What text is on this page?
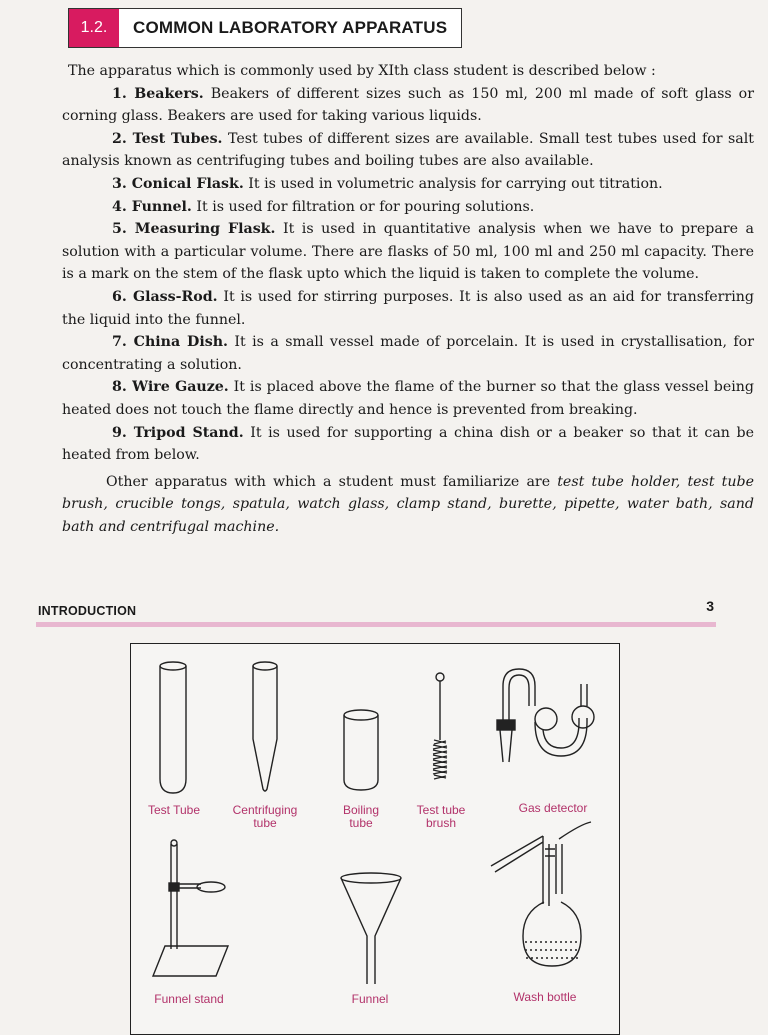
1.2.	COMMON LABORATORY APPARATUS

The apparatus which is commonly used by XIth class student is described below :

1. Beakers. Beakers of different sizes such as 150 ml, 200 ml made of soft glass or corning glass. Beakers are used for taking various liquids.

2. Test Tubes. Test tubes of different sizes are available. Small test tubes used for salt analysis known as centrifuging tubes and boiling tubes are also available.

3. Conical Flask. It is used in volumetric analysis for carrying out titration.

4. Funnel. It is used for filtration or for pouring solutions.

5. Measuring Flask. It is used in quantitative analysis when we have to prepare a solution with a particular volume. There are flasks of 50 ml, 100 ml and 250 ml capacity. There is a mark on the stem of the flask upto which the liquid is taken to complete the volume.

6. Glass-Rod. It is used for stirring purposes. It is also used as an aid for transferring the liquid into the funnel.

7. China Dish. It is a small vessel made of porcelain. It is used in crystallisation, for concentrating a solution.

8. Wire Gauze. It is placed above the flame of the burner so that the glass vessel being heated does not touch the flame directly and hence is prevented from breaking.

9. Tripod Stand. It is used for supporting a china dish or a beaker so that it can be heated from below.

Other apparatus with which a student must familiarize are test tube holder, test tube brush, crucible tongs, spatula, watch glass, clamp stand, burette, pipette, water bath, sand bath and centrifugal machine.

INTRODUCTION	3
Test Tube	Centrifuging
tube
Boiling
tube
Test tube
brush
Gas detector
Funnel stand	Funnel	Wash bottle
